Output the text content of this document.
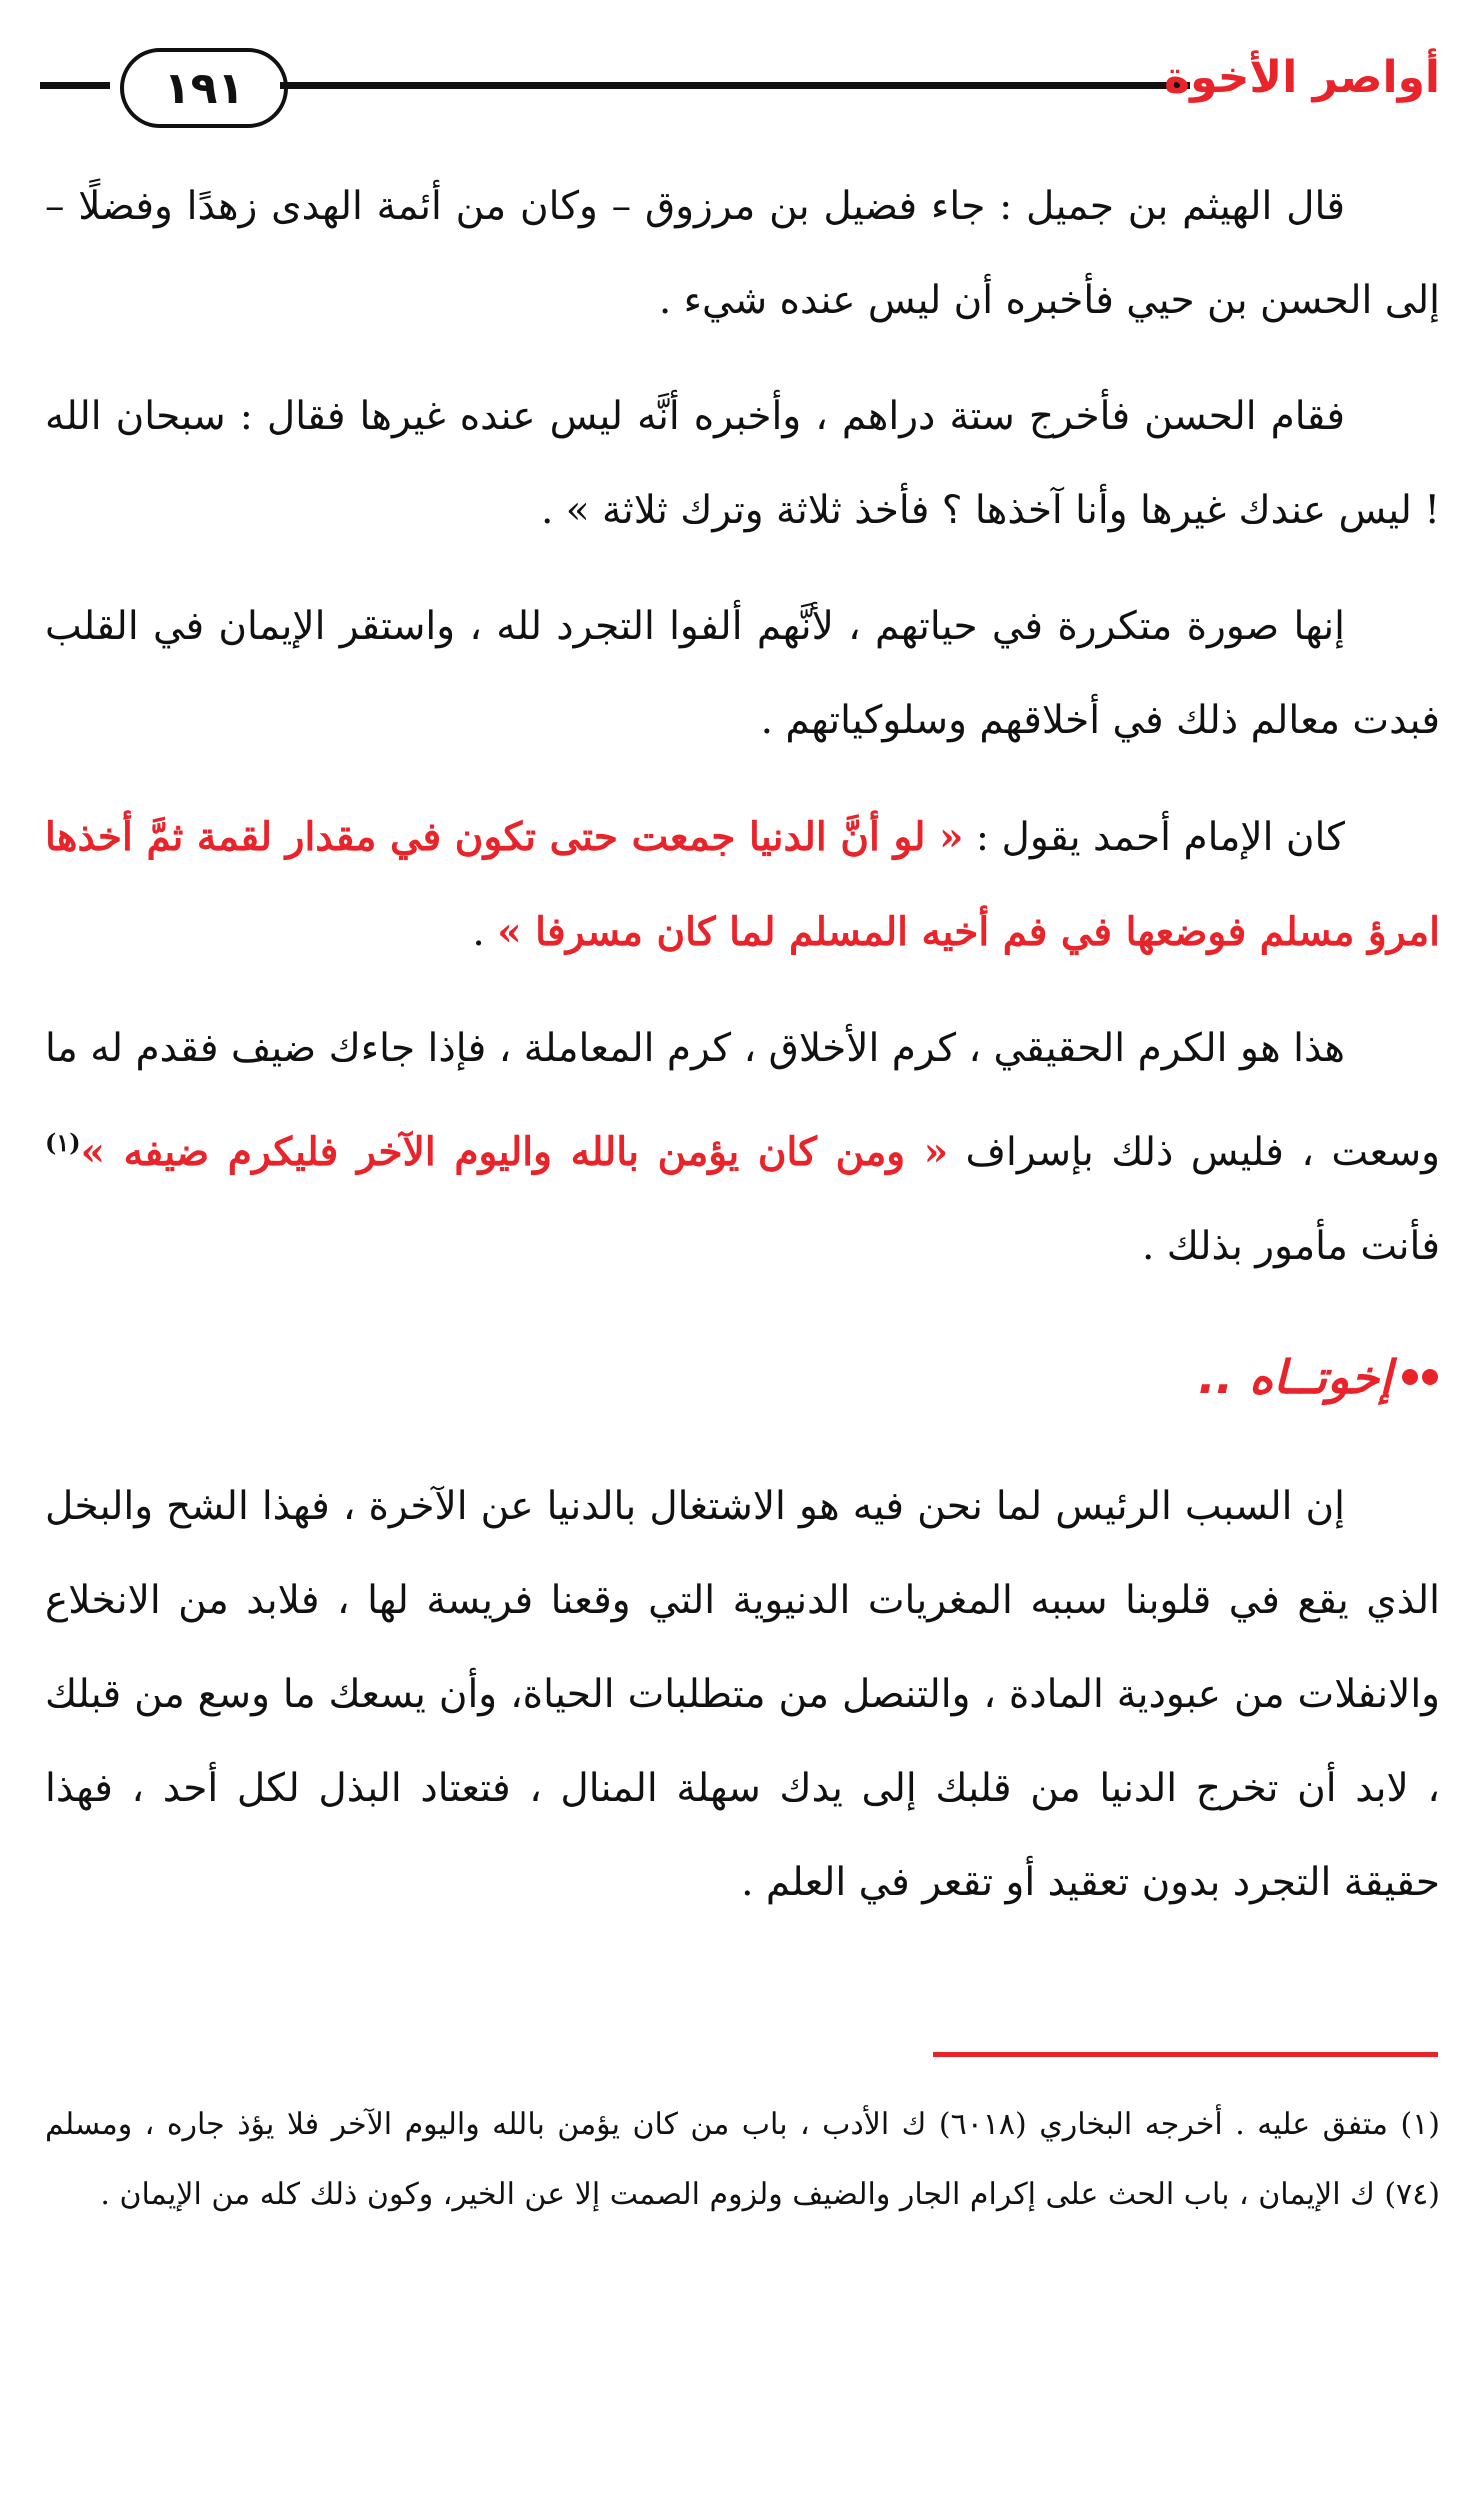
١٩١	أواصر الأخوة

قال الهيثم بن جميل : جاء فضيل بن مرزوق – وكان من أئمة الهدى زهدًا وفضلًا – إلى الحسن بن حيي فأخبره أن ليس عنده شيء .

فقام الحسن فأخرج ستة دراهم ، وأخبره أنَّه ليس عنده غيرها فقال : سبحان الله ! ليس عندك غيرها وأنا آخذها ؟ فأخذ ثلاثة وترك ثلاثة » .

إنها صورة متكررة في حياتهم ، لأنَّهم ألفوا التجرد لله ، واستقر الإيمان في القلب فبدت معالم ذلك في أخلاقهم وسلوكياتهم .

كان الإمام أحمد يقول : « لو أنَّ الدنيا جمعت حتى تكون في مقدار لقمة ثمَّ أخذها امرؤ مسلم فوضعها في فم أخيه المسلم لما كان مسرفا » .

هذا هو الكرم الحقيقي ، كرم الأخلاق ، كرم المعاملة ، فإذا جاءك ضيف فقدم له ما وسعت ، فليس ذلك بإسراف « ومن كان يؤمن بالله واليوم الآخر فليكرم ضيفه »$^{(١)}$ فأنت مأمور بذلك .

إخوتــاه ..

إن السبب الرئيس لما نحن فيه هو الاشتغال بالدنيا عن الآخرة ، فهذا الشح والبخل الذي يقع في قلوبنا سببه المغريات الدنيوية التي وقعنا فريسة لها ، فلابد من الانخلاع والانفلات من عبودية المادة ، والتنصل من متطلبات الحياة، وأن يسعك ما وسع من قبلك ، لابد أن تخرج الدنيا من قلبك إلى يدك سهلة المنال ، فتعتاد البذل لكل أحد ، فهذا حقيقة التجرد بدون تعقيد أو تقعر في العلم .

(١) متفق عليه . أخرجه البخاري (٦٠١٨) ك الأدب ، باب من كان يؤمن بالله واليوم الآخر فلا يؤذ جاره ، ومسلم (٧٤) ك الإيمان ، باب الحث على إكرام الجار والضيف ولزوم الصمت إلا عن الخير، وكون ذلك كله من الإيمان .
